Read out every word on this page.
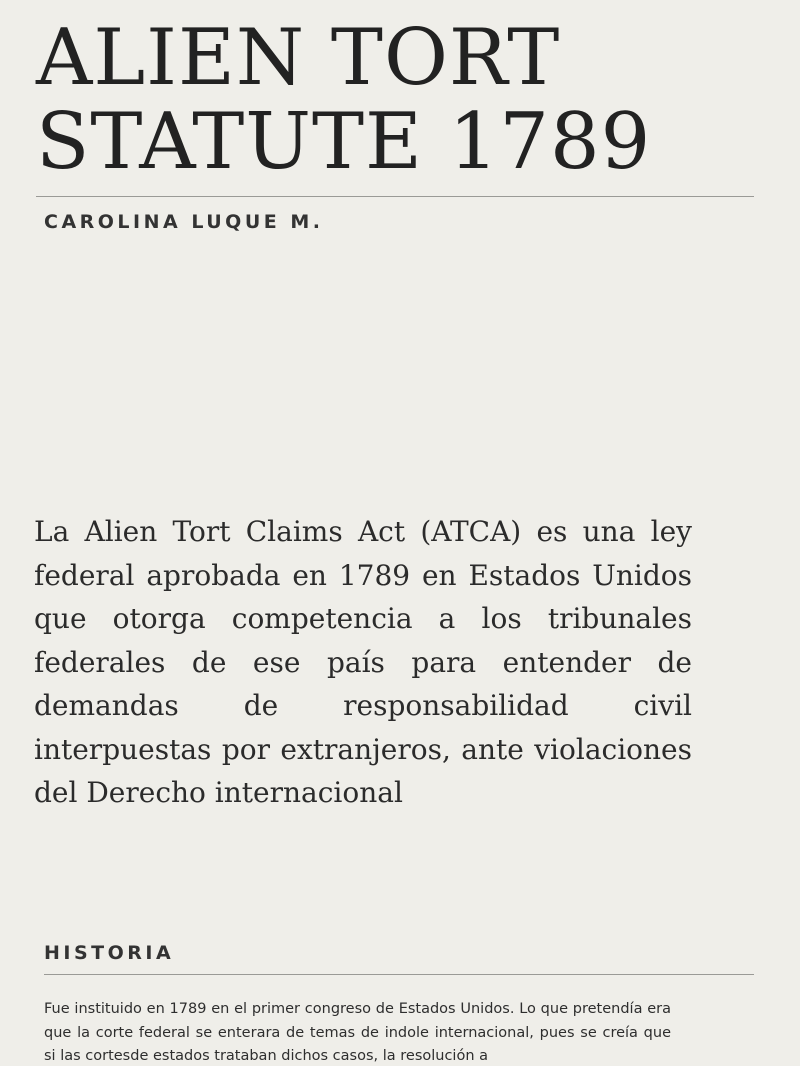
ALIEN TORT
STATUTE 1789
CAROLINA LUQUE M.

La Alien Tort Claims Act (ATCA) es una ley federal aprobada en 1789 en Estados Unidos que otorga competencia a los tribunales federales de ese país para entender de demandas de responsabilidad civil interpuestas por extranjeros, ante violaciones del Derecho internacional

HISTORIA

Fue instituido en 1789 en el primer congreso de Estados Unidos. Lo que pretendía era que la corte federal se enterara de temas de indole internacional, pues se creía que si las cortesde estados trataban dichos casos, la resolución a
